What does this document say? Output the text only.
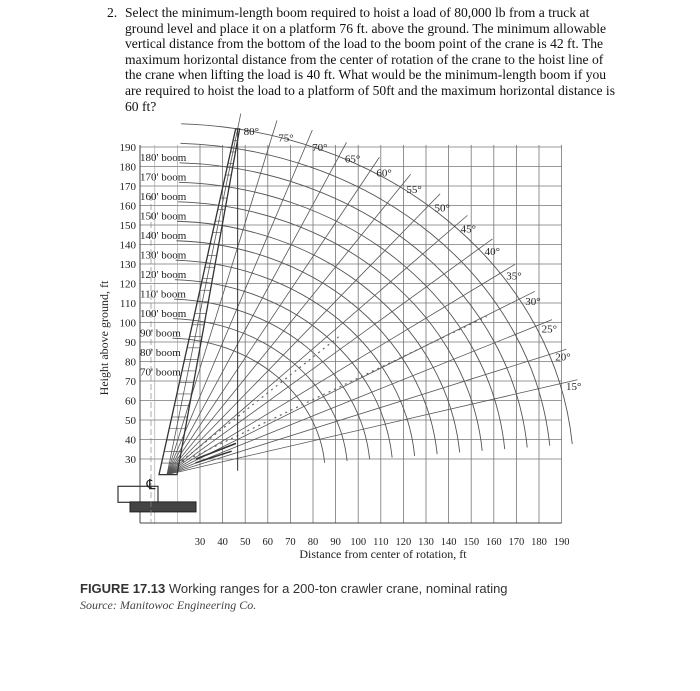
2. Select the minimum-length boom required to hoist a load of 80,000 lb from a truck at ground level and place it on a platform 76 ft. above the ground. The minimum allowable vertical distance from the bottom of the load to the boom point of the crane is 42 ft. The maximum horizontal distance from the center of rotation of the crane to the hoist line of the crane when lifting the load is 40 ft. What would be the minimum-length boom if you are required to hoist the load to a platform of 50ft and the maximum horizontal distance is 60 ft?
190
180
170
160
150
140
130
120
110
100
90
80
70
60
50
40
30
30 40 50 60 70 80 90 100 110 120 130 140 150 160 170 180 190
180' boom
170' boom
160' boom
150' boom
140' boom
130' boom
120' boom
110' boom
100' boom
90' boom
80' boom
70' boom
80°
75°
70°
65°
60°
55°
50°
45°
40°
35°
30°
25°
20°
15°
Height above ground, ft
Distance from center of rotation, ft
℄
FIGURE 17.13 Working ranges for a 200-ton crawler crane, nominal rating
Source: Manitowoc Engineering Co.
